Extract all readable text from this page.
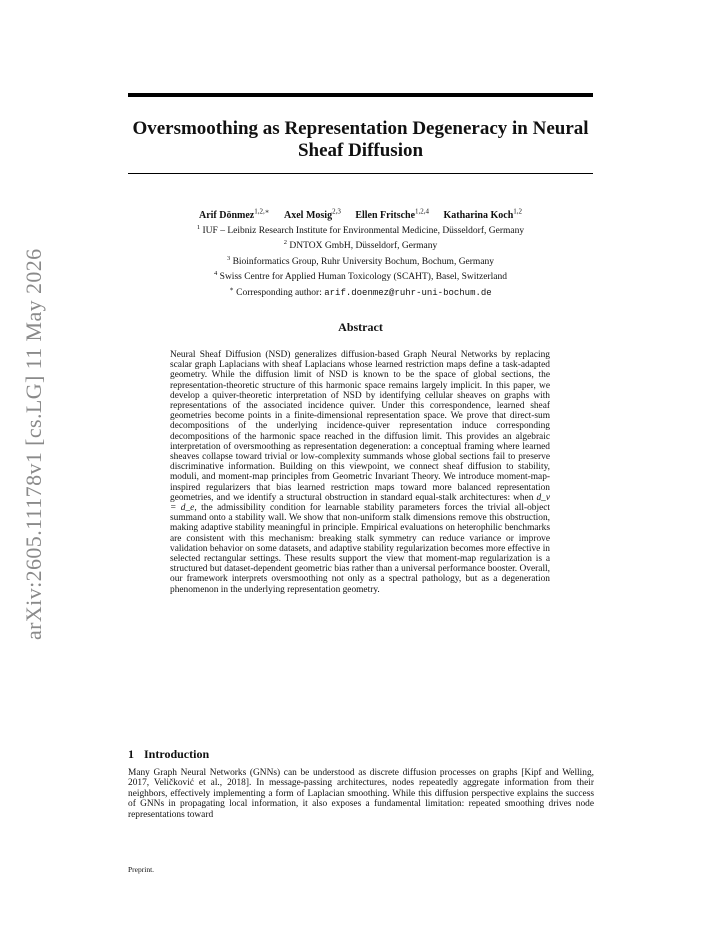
arXiv:2605.11178v1 [cs.LG] 11 May 2026
Oversmoothing as Representation Degeneracy in Neural Sheaf Diffusion
Arif Dönmez$^{1,2,∗}$ Axel Mosig$^{2,3}$ Ellen Fritsche$^{1,2,4}$ Katharina Koch$^{1,2}$
$^1$ IUF – Leibniz Research Institute for Environmental Medicine, Düsseldorf, Germany
$^2$ DNTOX GmbH, Düsseldorf, Germany
$^3$ Bioinformatics Group, Ruhr University Bochum, Bochum, Germany
$^4$ Swiss Centre for Applied Human Toxicology (SCAHT), Basel, Switzerland
∗ Corresponding author: arif.doenmez@ruhr-uni-bochum.de
Abstract
Neural Sheaf Diffusion (NSD) generalizes diffusion-based Graph Neural Networks by replacing scalar graph Laplacians with sheaf Laplacians whose learned restriction maps define a task-adapted geometry. While the diffusion limit of NSD is known to be the space of global sections, the representation-theoretic structure of this harmonic space remains largely implicit. In this paper, we develop a quiver-theoretic interpretation of NSD by identifying cellular sheaves on graphs with representations of the associated incidence quiver. Under this correspondence, learned sheaf geometries become points in a finite-dimensional representation space. We prove that direct-sum decompositions of the underlying incidence-quiver representation induce corresponding decompositions of the harmonic space reached in the diffusion limit. This provides an algebraic interpretation of oversmoothing as representation degeneration: a conceptual framing where learned sheaves collapse toward trivial or low-complexity summands whose global sections fail to preserve discriminative information. Building on this viewpoint, we connect sheaf diffusion to stability, moduli, and moment-map principles from Geometric Invariant Theory. We introduce moment-map-inspired regularizers that bias learned restriction maps toward more balanced representation geometries, and we identify a structural obstruction in standard equal-stalk architectures: when d_v = d_e, the admissibility condition for learnable stability parameters forces the trivial all-object summand onto a stability wall. We show that non-uniform stalk dimensions remove this obstruction, making adaptive stability meaningful in principle. Empirical evaluations on heterophilic benchmarks are consistent with this mechanism: breaking stalk symmetry can reduce variance or improve validation behavior on some datasets, and adaptive stability regularization becomes more effective in selected rectangular settings. These results support the view that moment-map regularization is a structured but dataset-dependent geometric bias rather than a universal performance booster. Overall, our framework interprets oversmoothing not only as a spectral pathology, but as a degeneration phenomenon in the underlying representation geometry.
1 Introduction
Many Graph Neural Networks (GNNs) can be understood as discrete diffusion processes on graphs [Kipf and Welling, 2017, Veličković et al., 2018]. In message-passing architectures, nodes repeatedly aggregate information from their neighbors, effectively implementing a form of Laplacian smoothing. While this diffusion perspective explains the success of GNNs in propagating local information, it also exposes a fundamental limitation: repeated smoothing drives node representations toward
Preprint.
